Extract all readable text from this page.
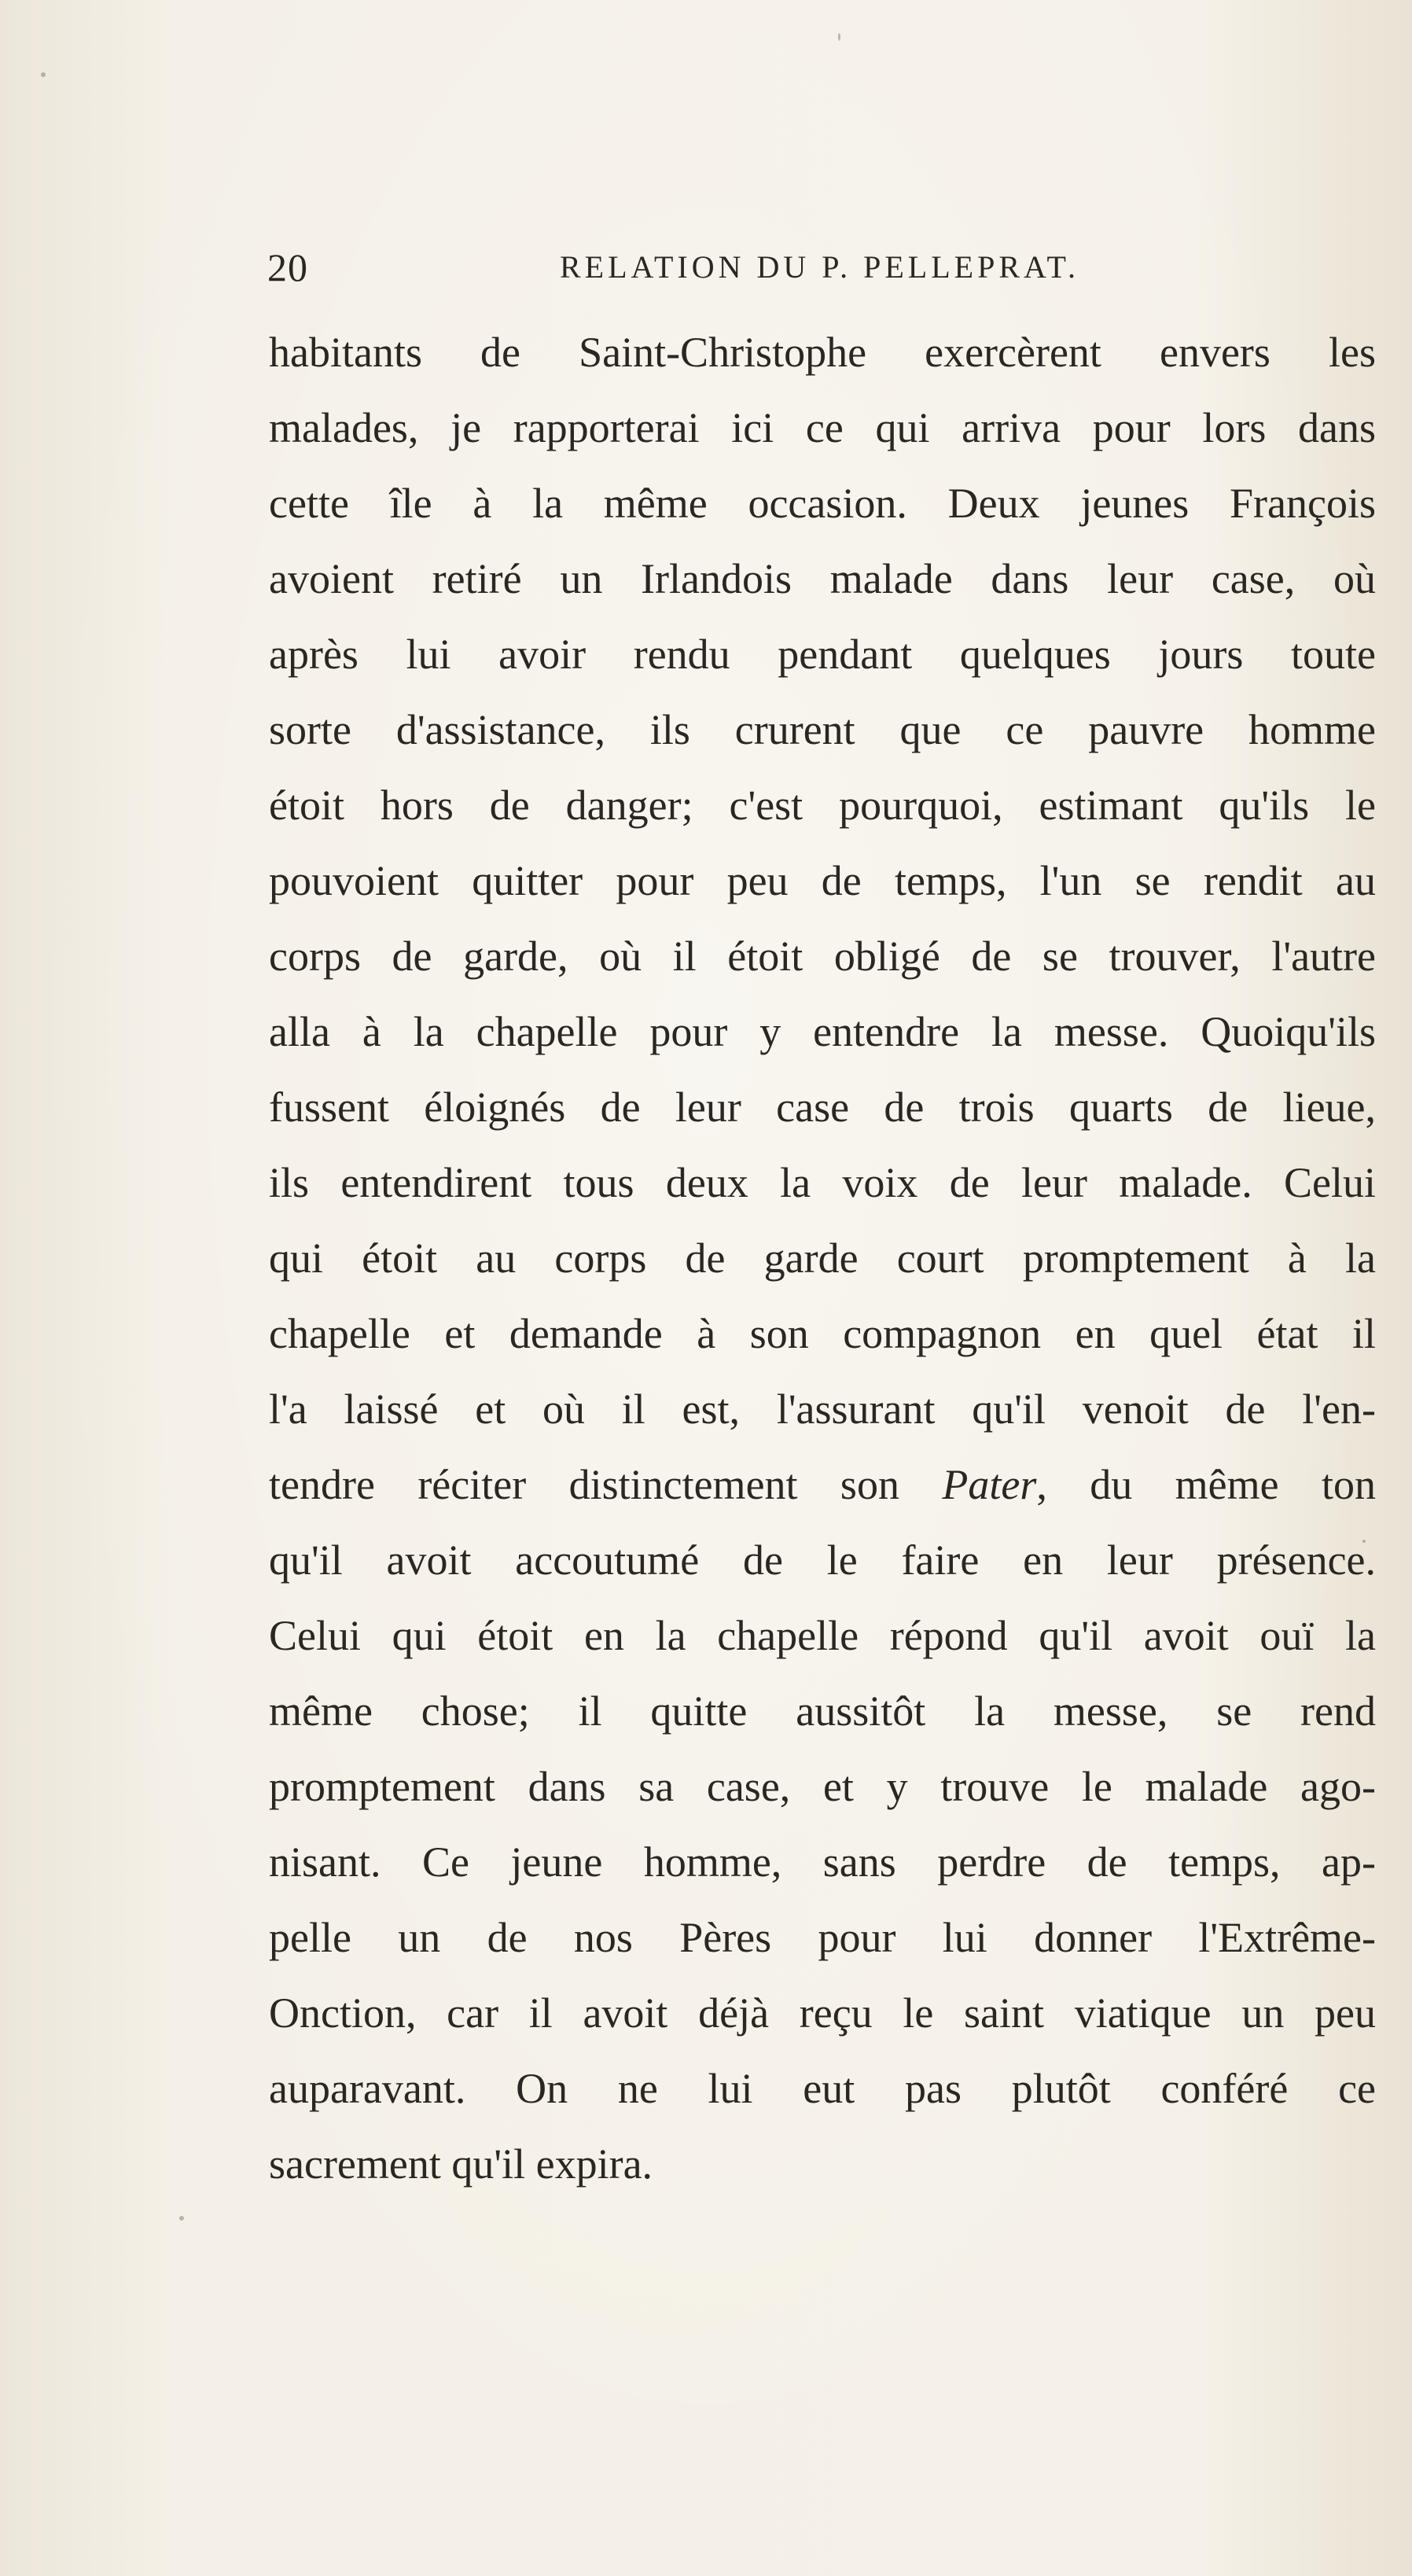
20	RELATION DU P. PELLEPRAT.
habitants de Saint-Christophe exercèrent envers les
malades, je rapporterai ici ce qui arriva pour lors dans
cette île à la même occasion. Deux jeunes François
avoient retiré un Irlandois malade dans leur case, où
après lui avoir rendu pendant quelques jours toute
sorte d'assistance, ils crurent que ce pauvre homme
étoit hors de danger; c'est pourquoi, estimant qu'ils le
pouvoient quitter pour peu de temps, l'un se rendit au
corps de garde, où il étoit obligé de se trouver, l'autre
alla à la chapelle pour y entendre la messe. Quoiqu'ils
fussent éloignés de leur case de trois quarts de lieue,
ils entendirent tous deux la voix de leur malade. Celui
qui étoit au corps de garde court promptement à la
chapelle et demande à son compagnon en quel état il
l'a laissé et où il est, l'assurant qu'il venoit de l'en-
tendre réciter distinctement son Pater, du même ton
qu'il avoit accoutumé de le faire en leur présence.
Celui qui étoit en la chapelle répond qu'il avoit ouï la
même chose; il quitte aussitôt la messe, se rend
promptement dans sa case, et y trouve le malade ago-
nisant. Ce jeune homme, sans perdre de temps, ap-
pelle un de nos Pères pour lui donner l'Extrême-
Onction, car il avoit déjà reçu le saint viatique un peu
auparavant. On ne lui eut pas plutôt conféré ce
sacrement qu'il expira.
